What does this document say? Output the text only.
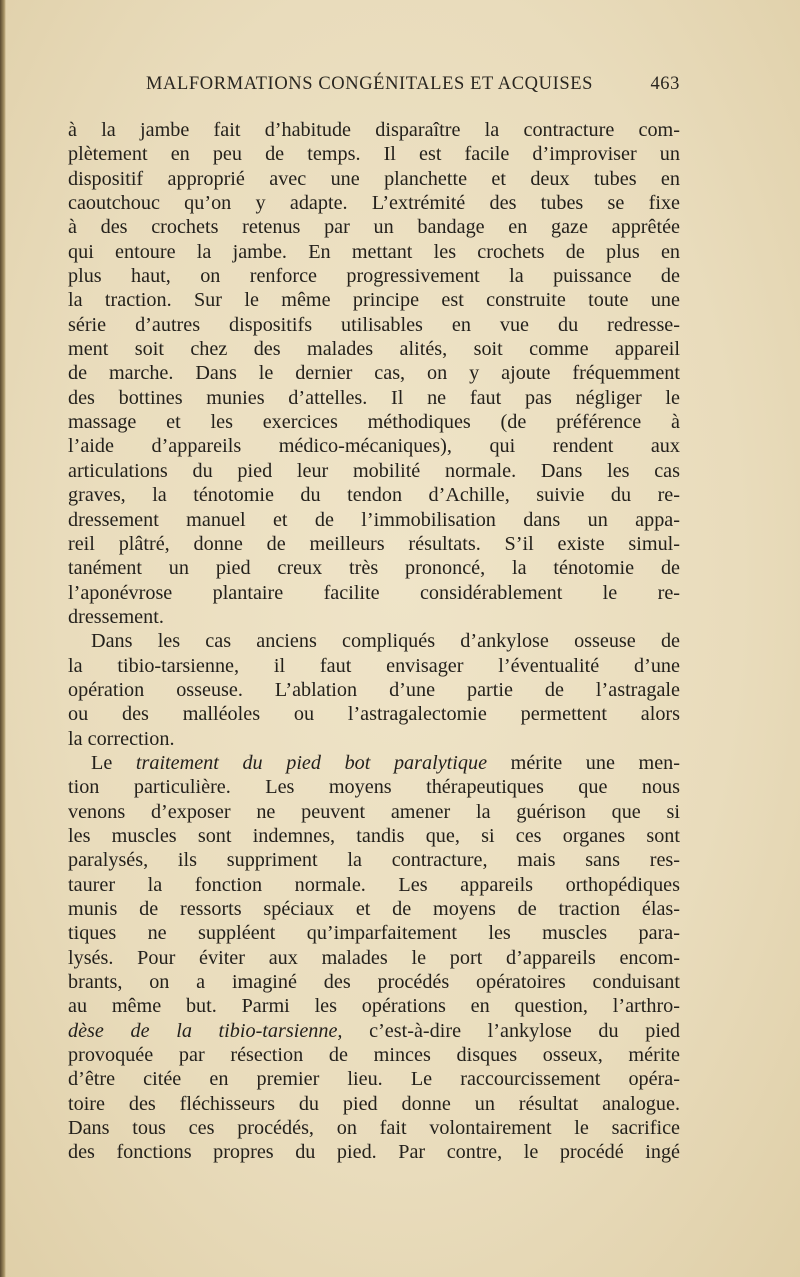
MALFORMATIONS CONGÉNITALES ET ACQUISES	463
à la jambe fait d’habitude disparaître la contracture com-
plètement en peu de temps. Il est facile d’improviser un
dispositif approprié avec une planchette et deux tubes en
caoutchouc qu’on y adapte. L’extrémité des tubes se fixe
à des crochets retenus par un bandage en gaze apprêtée
qui entoure la jambe. En mettant les crochets de plus en
plus haut, on renforce progressivement la puissance de
la traction. Sur le même principe est construite toute une
série d’autres dispositifs utilisables en vue du redresse-
ment soit chez des malades alités, soit comme appareil
de marche. Dans le dernier cas, on y ajoute fréquemment
des bottines munies d’attelles. Il ne faut pas négliger le
massage et les exercices méthodiques (de préférence à
l’aide d’appareils médico-mécaniques), qui rendent aux
articulations du pied leur mobilité normale. Dans les cas
graves, la ténotomie du tendon d’Achille, suivie du re-
dressement manuel et de l’immobilisation dans un appa-
reil plâtré, donne de meilleurs résultats. S’il existe simul-
tanément un pied creux très prononcé, la ténotomie de
l’aponévrose plantaire facilite considérablement le re-
dressement.
Dans les cas anciens compliqués d’ankylose osseuse de
la tibio-tarsienne, il faut envisager l’éventualité d’une
opération osseuse. L’ablation d’une partie de l’astragale
ou des malléoles ou l’astragalectomie permettent alors
la correction.
Le traitement du pied bot paralytique mérite une men-
tion particulière. Les moyens thérapeutiques que nous
venons d’exposer ne peuvent amener la guérison que si
les muscles sont indemnes, tandis que, si ces organes sont
paralysés, ils suppriment la contracture, mais sans res-
taurer la fonction normale. Les appareils orthopédiques
munis de ressorts spéciaux et de moyens de traction élas-
tiques ne suppléent qu’imparfaitement les muscles para-
lysés. Pour éviter aux malades le port d’appareils encom-
brants, on a imaginé des procédés opératoires conduisant
au même but. Parmi les opérations en question, l’arthro-
dèse de la tibio-tarsienne, c’est-à-dire l’ankylose du pied
provoquée par résection de minces disques osseux, mérite
d’être citée en premier lieu. Le raccourcissement opéra-
toire des fléchisseurs du pied donne un résultat analogue.
Dans tous ces procédés, on fait volontairement le sacrifice
des fonctions propres du pied. Par contre, le procédé ingé
